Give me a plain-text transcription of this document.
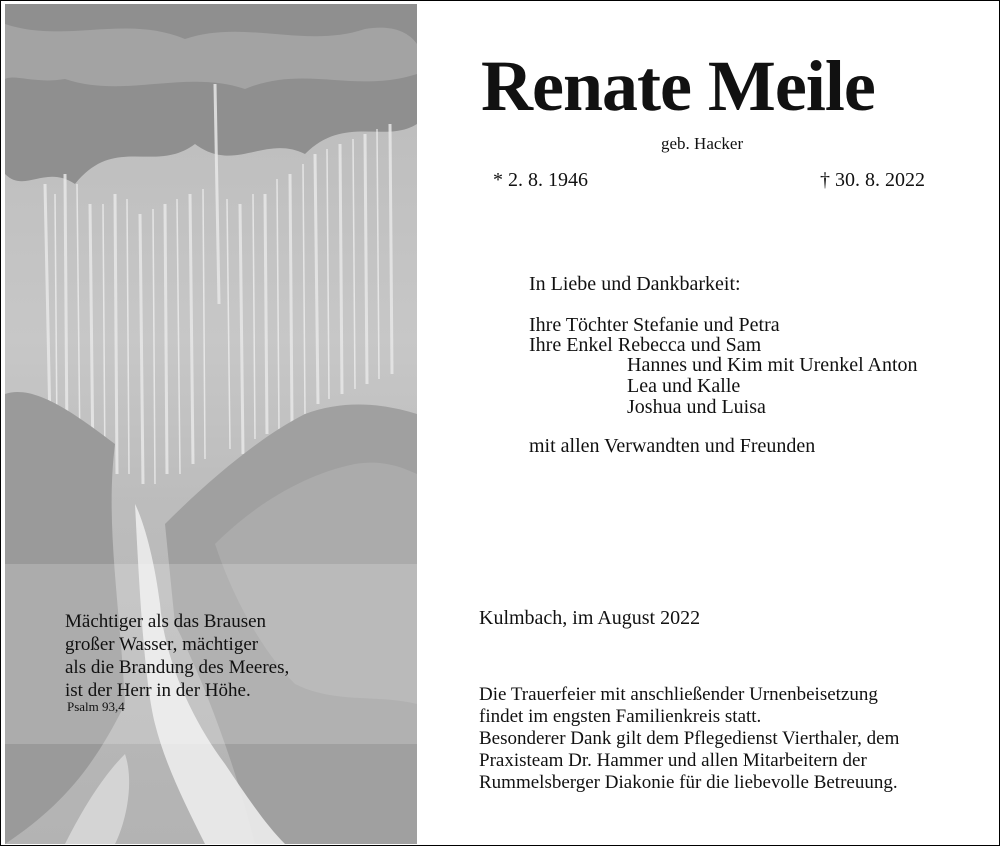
Mächtiger als das Brausen
großer Wasser, mächtiger
als die Brandung des Meeres,
ist der Herr in der Höhe.
Psalm 93,4
Renate Meile
geb. Hacker
* 2. 8. 1946	† 30. 8. 2022
In Liebe und Dankbarkeit:
Ihre Töchter Stefanie und Petra
Ihre Enkel Rebecca und Sam
Hannes und Kim mit Urenkel Anton
Lea und Kalle
Joshua und Luisa
mit allen Verwandten und Freunden
Kulmbach, im August 2022
Die Trauerfeier mit anschließender Urnenbeisetzung
findet im engsten Familienkreis statt.
Besonderer Dank gilt dem Pflegedienst Vierthaler, dem
Praxisteam Dr. Hammer und allen Mitarbeitern der
Rummelsberger Diakonie für die liebevolle Betreuung.
